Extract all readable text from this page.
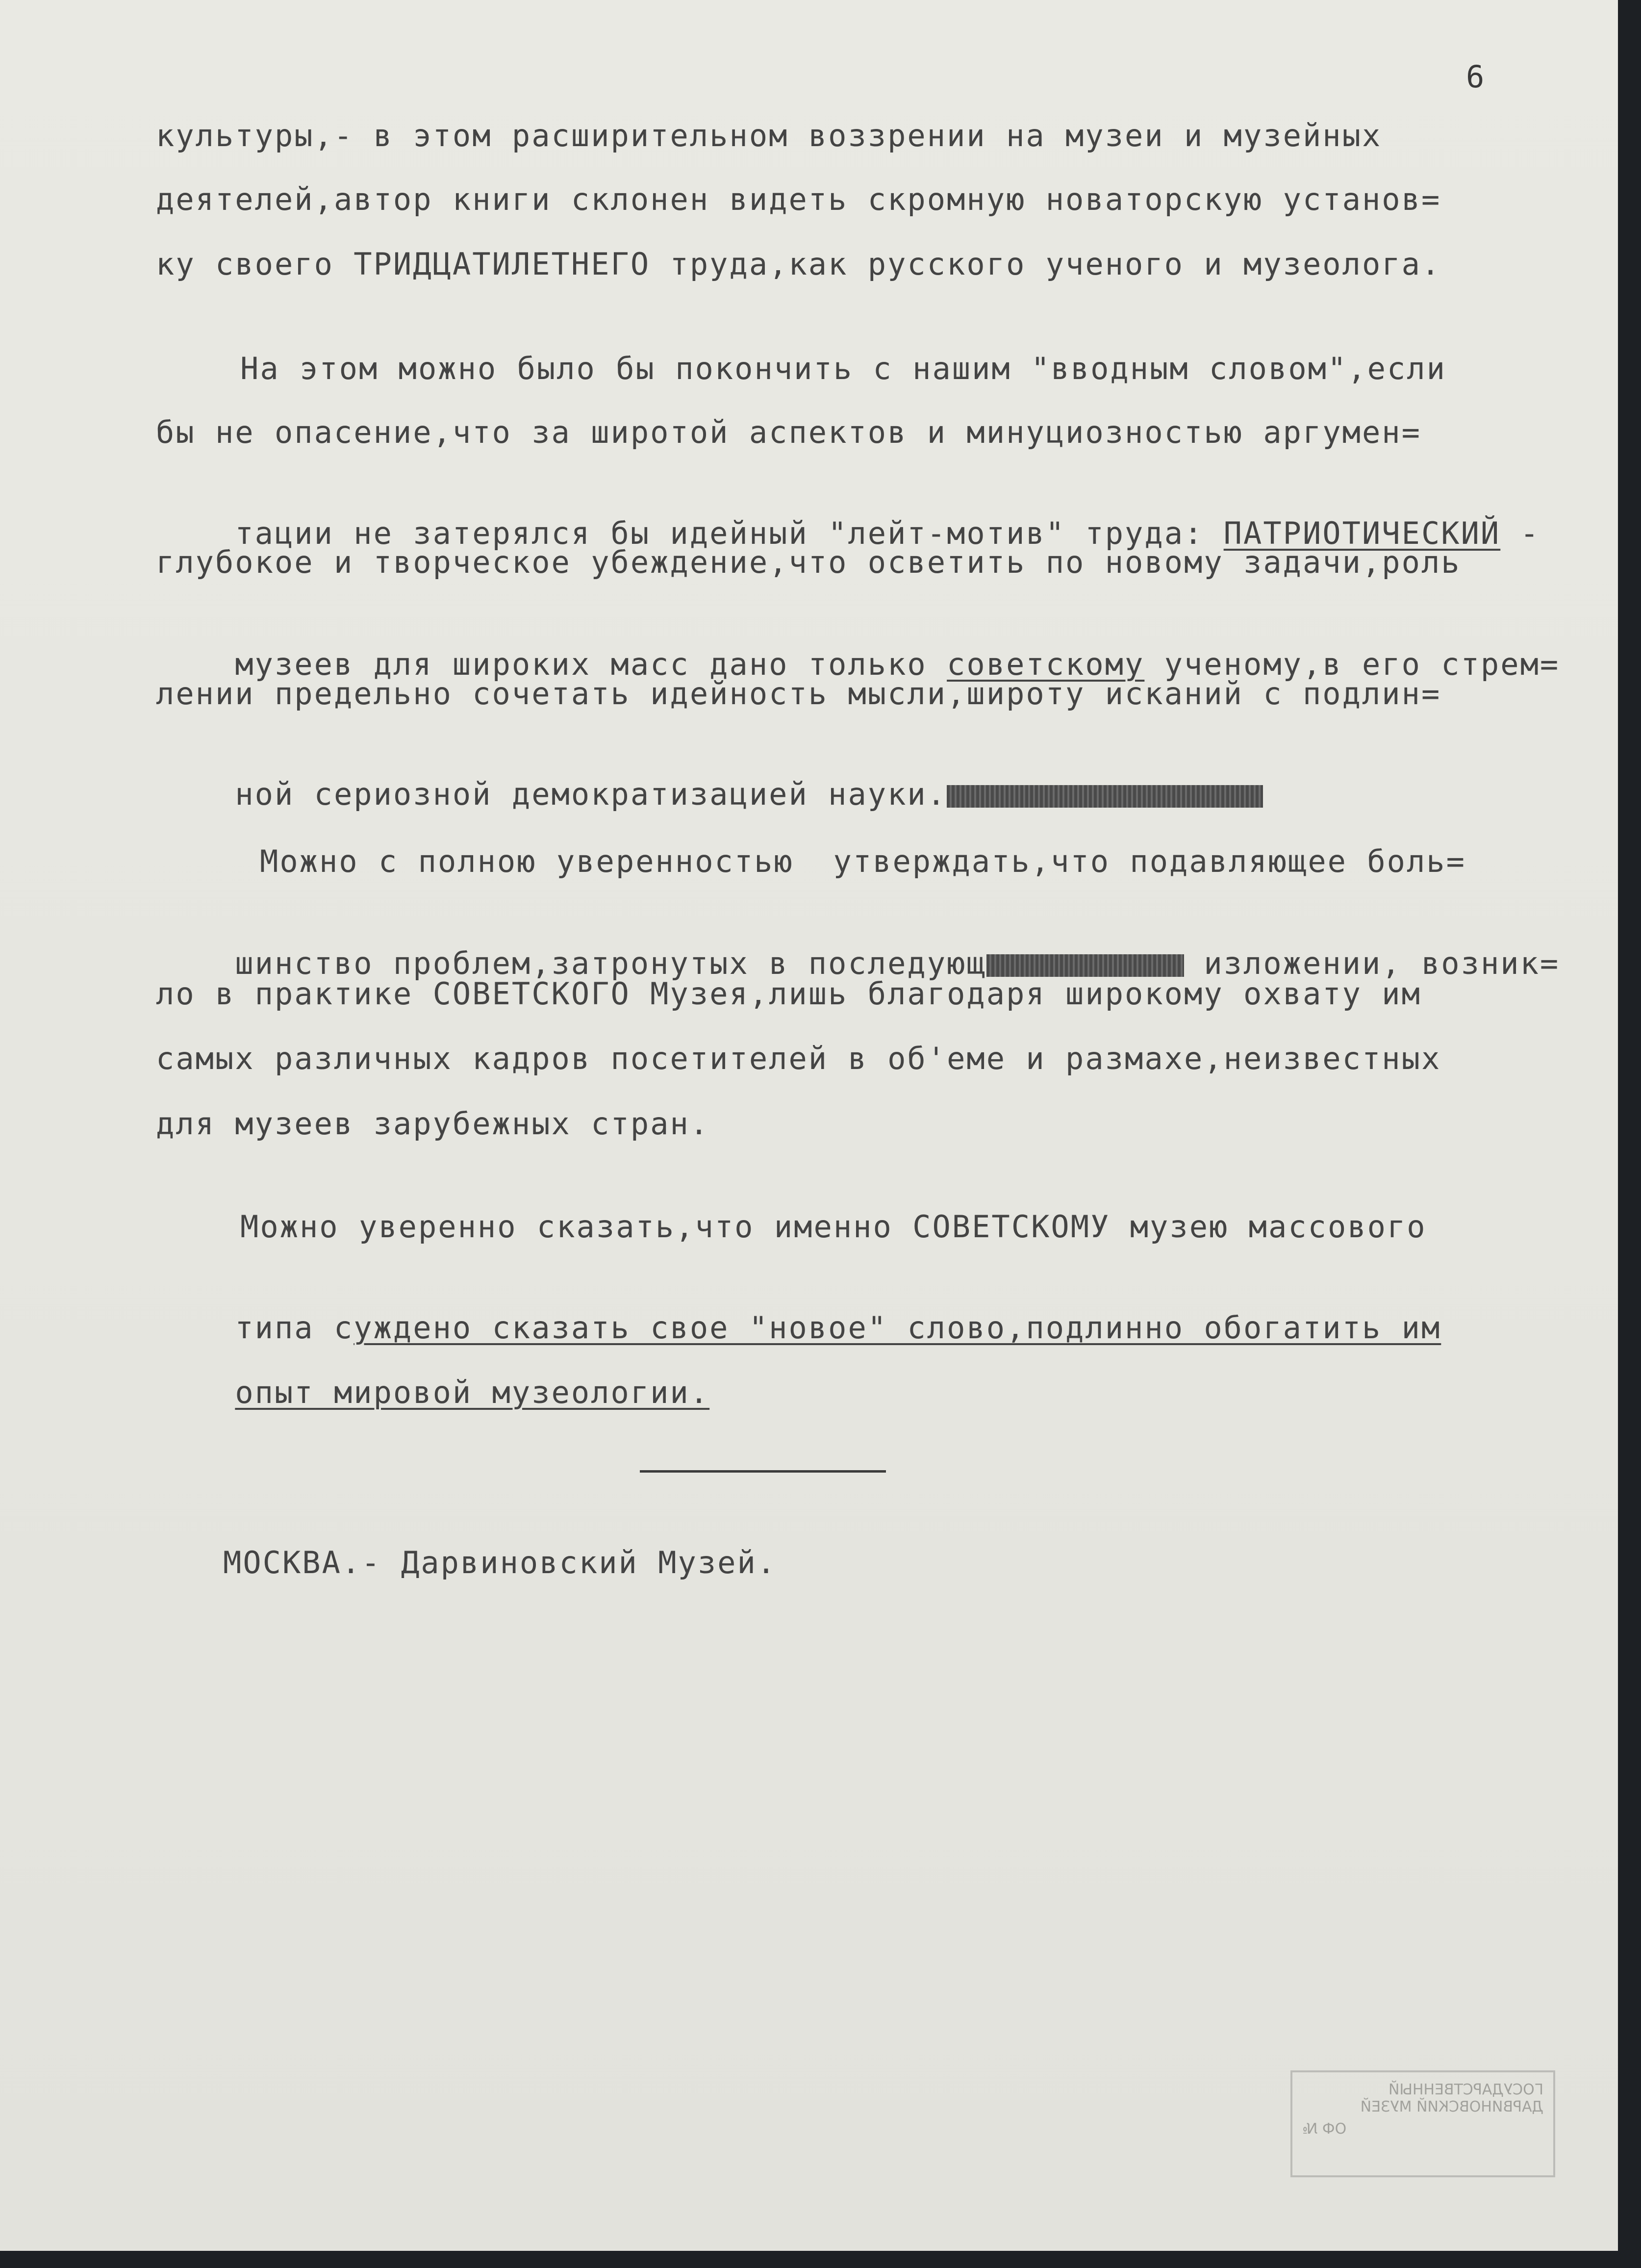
6
культуры,- в этом расширительном воззрении на музеи и музейных
деятелей,автор книги склонен видеть скромную новаторскую установ=
ку своего ТРИДЦАТИЛЕТНЕГО труда,как русского ученого и музеолога.
На этом можно было бы покончить с нашим "вводным словом",если
бы не опасение,что за широтой аспектов и минуциозностью аргумен=

тации не затерялся бы идейный "лейт-мотив" труда: ПАТРИОТИЧЕСКИЙ -

глубокое и творческое убеждение,что осветить по новому задачи,роль

музеев для широких масс дано только советскому ученому,в его стрем=

лении предельно сочетать идейность мысли,широту исканий с подлин=

ной сериозной демократизацией науки.

Можно с полною уверенностью  утверждать,что подавляющее боль=

шинство проблем,затронутых в последующ	изложении, возник=

ло в практике СОВЕТСКОГО Музея,лишь благодаря широкому охвату им
самых различных кадров посетителей в об'еме и размахе,неизвестных
для музеев зарубежных стран.
Можно уверенно сказать,что именно СОВЕТСКОМУ музею массового

типа суждено сказать свое "новое" слово,подлинно обогатить им

опыт мировой музеологии.

МОСКВА.- Дарвиновский Музей.
ГОСУДАРСТВЕННЫЙ
ДАРВИНОВСКИЙ МУЗЕЙ
ОФ №
